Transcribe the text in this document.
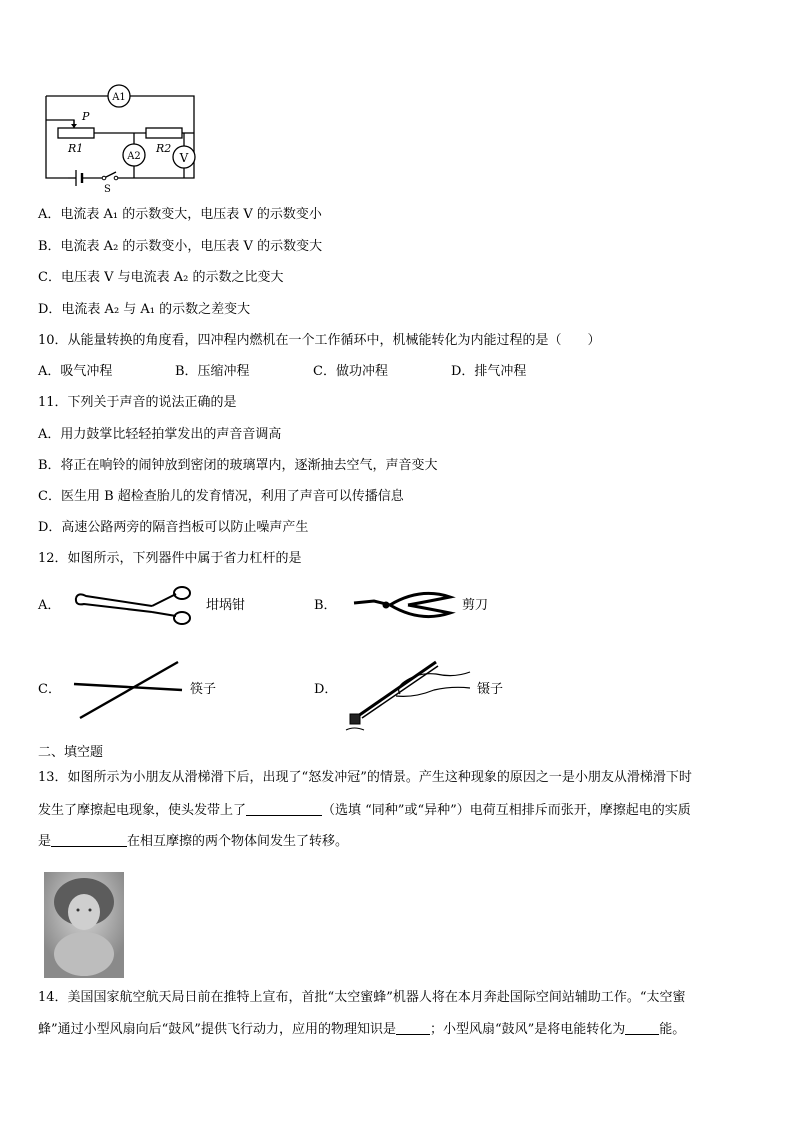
A1
A2	V
P
R1	R2
S
A．电流表 A₁ 的示数变大，电压表 V 的示数变小
B．电流表 A₂ 的示数变小，电压表 V 的示数变大
C．电压表 V 与电流表 A₂ 的示数之比变大
D．电流表 A₂ 与 A₁ 的示数之差变大
10．从能量转换的角度看，四冲程内燃机在一个工作循环中，机械能转化为内能过程的是（　　）
A．吸气冲程	B．压缩冲程	C．做功冲程	D．排气冲程
11．下列关于声音的说法正确的是
A．用力鼓掌比轻轻拍掌发出的声音音调高
B．将正在响铃的闹钟放到密闭的玻璃罩内，逐渐抽去空气，声音变大
C．医生用 B 超检查胎儿的发育情况，利用了声音可以传播信息
D．高速公路两旁的隔音挡板可以防止噪声产生
12．如图所示，下列器件中属于省力杠杆的是
A．	坩埚钳	B．	剪刀
C．	筷子	D．	镊子
二、填空题
13．如图所示为小朋友从滑梯滑下后，出现了“怒发冲冠”的情景。产生这种现象的原因之一是小朋友从滑梯滑下时
发生了摩擦起电现象，使头发带上了	（选填 “同种”或“异种”）电荷互相排斥而张开，摩擦起电的实质
是	在相互摩擦的两个物体间发生了转移。
14．美国国家航空航天局日前在推特上宣布，首批“太空蜜蜂”机器人将在本月奔赴国际空间站辅助工作。“太空蜜
蜂”通过小型风扇向后“鼓风”提供飞行动力，应用的物理知识是	；小型风扇“鼓风”是将电能转化为	能。
